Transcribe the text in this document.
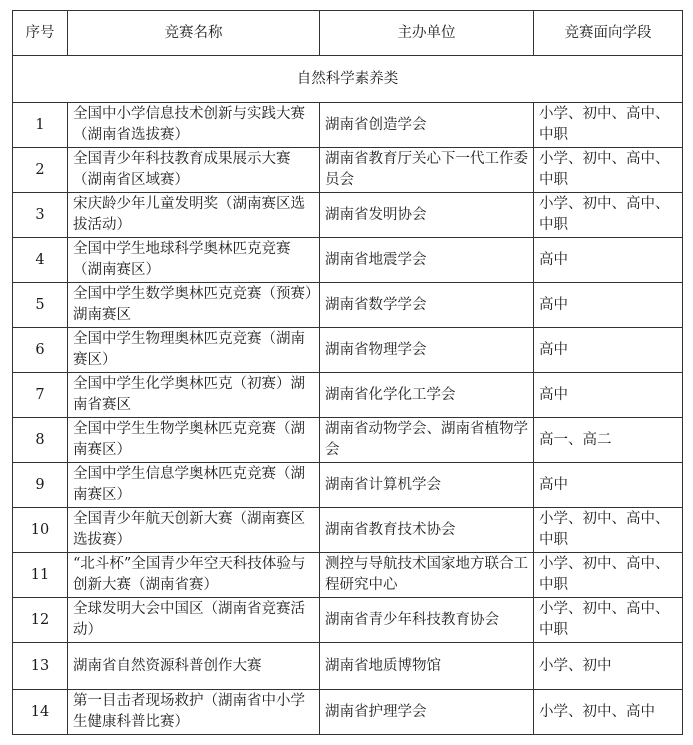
序号	竞赛名称	主办单位	竞赛面向学段
自然科学素养类			
1	全国中小学信息技术创新与实践大赛（湖南省选拔赛）	湖南省创造学会	小学、初中、高中、中职
2	全国青少年科技教育成果展示大赛（湖南省区域赛）	湖南省教育厅关心下一代工作委员会	小学、初中、高中、中职
3	宋庆龄少年儿童发明奖（湖南赛区选拔活动）	湖南省发明协会	小学、初中、高中、中职
4	全国中学生地球科学奥林匹克竞赛（湖南赛区）	湖南省地震学会	高中
5	全国中学生数学奥林匹克竞赛（预赛）湖南赛区	湖南省数学学会	高中
6	全国中学生物理奥林匹克竞赛（湖南赛区）	湖南省物理学会	高中
7	全国中学生化学奥林匹克（初赛）湖南省赛区	湖南省化学化工学会	高中
8	全国中学生生物学奥林匹克竞赛（湖南赛区）	湖南省动物学会、湖南省植物学会	高一、高二
9	全国中学生信息学奥林匹克竞赛（湖南赛区）	湖南省计算机学会	高中
10	全国青少年航天创新大赛（湖南赛区选拔赛）	湖南省教育技术协会	小学、初中、高中、中职
11	“北斗杯”全国青少年空天科技体验与创新大赛（湖南省赛）	测控与导航技术国家地方联合工程研究中心	小学、初中、高中、中职
12	全球发明大会中国区（湖南省竞赛活动）	湖南省青少年科技教育协会	小学、初中、高中、中职
13	湖南省自然资源科普创作大赛	湖南省地质博物馆	小学、初中
14	第一目击者现场救护（湖南省中小学生健康科普比赛）	湖南省护理学会	小学、初中、高中
